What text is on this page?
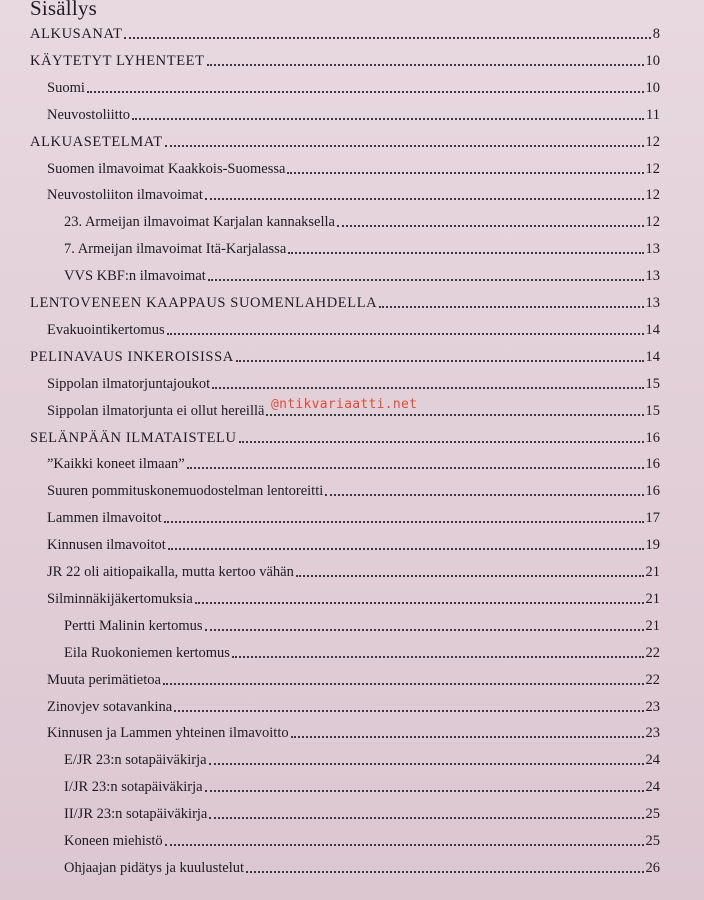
Sisällys
ALKUSANAT	8
KÄYTETYT LYHENTEET	10
Suomi	10
Neuvostoliitto	11
ALKUASETELMAT	12
Suomen ilmavoimat Kaakkois-Suomessa	12
Neuvostoliiton ilmavoimat	12
23. Armeijan ilmavoimat Karjalan kannaksella	12
7. Armeijan ilmavoimat Itä-Karjalassa	13
VVS KBF:n ilmavoimat	13
LENTOVENEEN KAAPPAUS SUOMENLAHDELLA	13
Evakuointikertomus	14
PELINAVAUS INKEROISISSA	14
Sippolan ilmatorjuntajoukot	15
Sippolan ilmatorjunta ei ollut hereillä	15
SELÄNPÄÄN ILMATAISTELU	16
”Kaikki koneet ilmaan”	16
Suuren pommituskonemuodostelman lentoreitti	16
Lammen ilmavoitot	17
Kinnusen ilmavoitot	19
JR 22 oli aitiopaikalla, mutta kertoo vähän	21
Silminnäkijäkertomuksia	21
Pertti Malinin kertomus	21
Eila Ruokoniemen kertomus	22
Muuta perimätietoa	22
Zinovjev sotavankina	23
Kinnusen ja Lammen yhteinen ilmavoitto	23
E/JR 23:n sotapäiväkirja	24
I/JR 23:n sotapäiväkirja	24
II/JR 23:n sotapäiväkirja	25
Koneen miehistö	25
Ohjaajan pidätys ja kuulustelut	26
@ntikvariaatti.net
